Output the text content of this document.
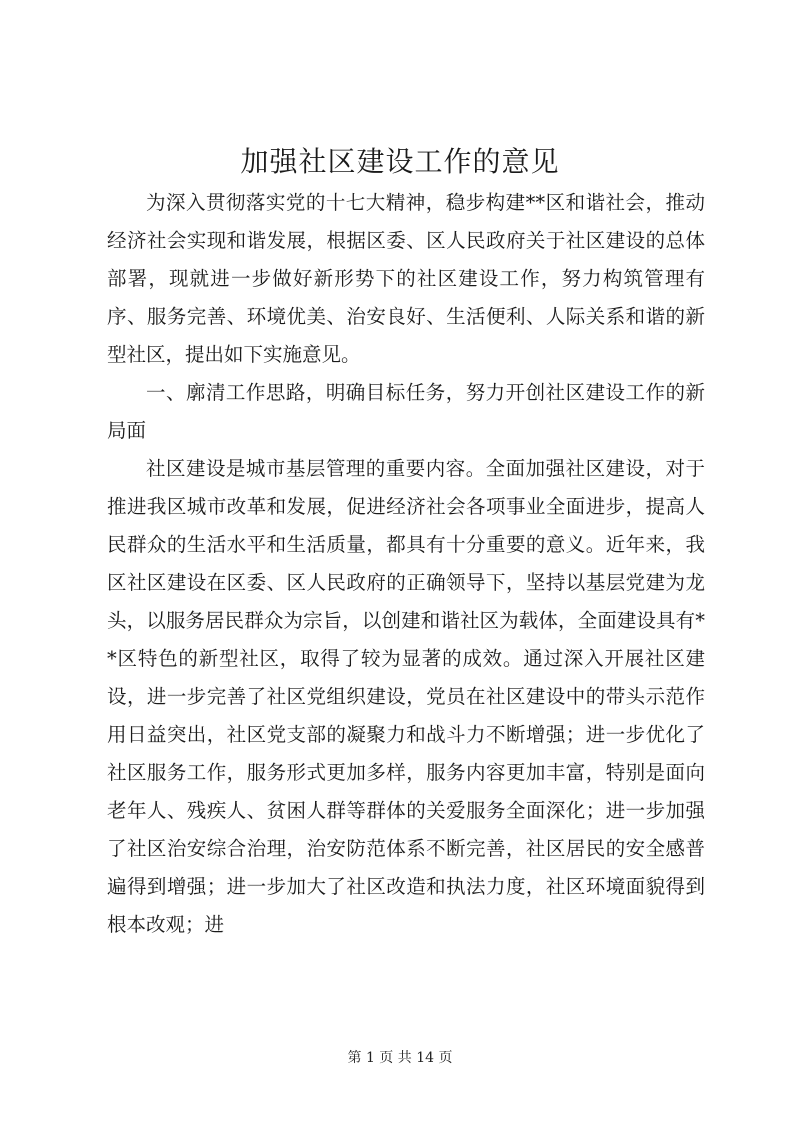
加强社区建设工作的意见

为深入贯彻落实党的十七大精神，稳步构建**区和谐社会，推动经济社会实现和谐发展，根据区委、区人民政府关于社区建设的总体部署，现就进一步做好新形势下的社区建设工作，努力构筑管理有序、服务完善、环境优美、治安良好、生活便利、人际关系和谐的新型社区，提出如下实施意见。

一、廓清工作思路，明确目标任务，努力开创社区建设工作的新局面

社区建设是城市基层管理的重要内容。全面加强社区建设，对于推进我区城市改革和发展，促进经济社会各项事业全面进步，提高人民群众的生活水平和生活质量，都具有十分重要的意义。近年来，我区社区建设在区委、区人民政府的正确领导下，坚持以基层党建为龙头，以服务居民群众为宗旨，以创建和谐社区为载体，全面建设具有**区特色的新型社区，取得了较为显著的成效。通过深入开展社区建设，进一步完善了社区党组织建设，党员在社区建设中的带头示范作用日益突出，社区党支部的凝聚力和战斗力不断增强；进一步优化了社区服务工作，服务形式更加多样，服务内容更加丰富，特别是面向老年人、残疾人、贫困人群等群体的关爱服务全面深化；进一步加强了社区治安综合治理，治安防范体系不断完善，社区居民的安全感普遍得到增强；进一步加大了社区改造和执法力度，社区环境面貌得到根本改观；进

第 1 页 共 14 页
